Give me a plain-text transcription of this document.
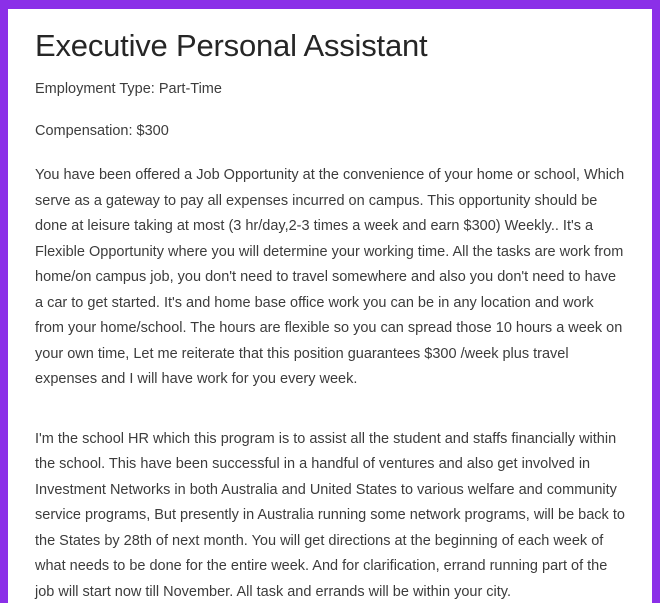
Executive Personal Assistant

Employment Type: Part-Time

Compensation: $300

You have been offered a Job Opportunity at the convenience of your home or school, Which serve as a gateway to pay all expenses incurred on campus. This opportunity should be done at leisure taking at most (3 hr/day,2-3 times a week and earn $300) Weekly.. It's a Flexible Opportunity where you will determine your working time. All the tasks are work from home/on campus job, you don't need to travel somewhere and also you don't need to have a car to get started. It's and home base office work you can be in any location and work from your home/school. The hours are flexible so you can spread those 10 hours a week on your own time, Let me reiterate that this position guarantees $300 /week plus travel expenses and I will have work for you every week.

I'm the school HR which this program is to assist all the student and staffs financially within the school. This have been successful in a handful of ventures and also get involved in Investment Networks in both Australia and United States to various welfare and community service programs, But presently in Australia running some network programs, will be back to the States by 28th of next month. You will get directions at the beginning of each week of what needs to be done for the entire week. And for clarification, errand running part of the job will start now till November. All task and errands will be within your city.
